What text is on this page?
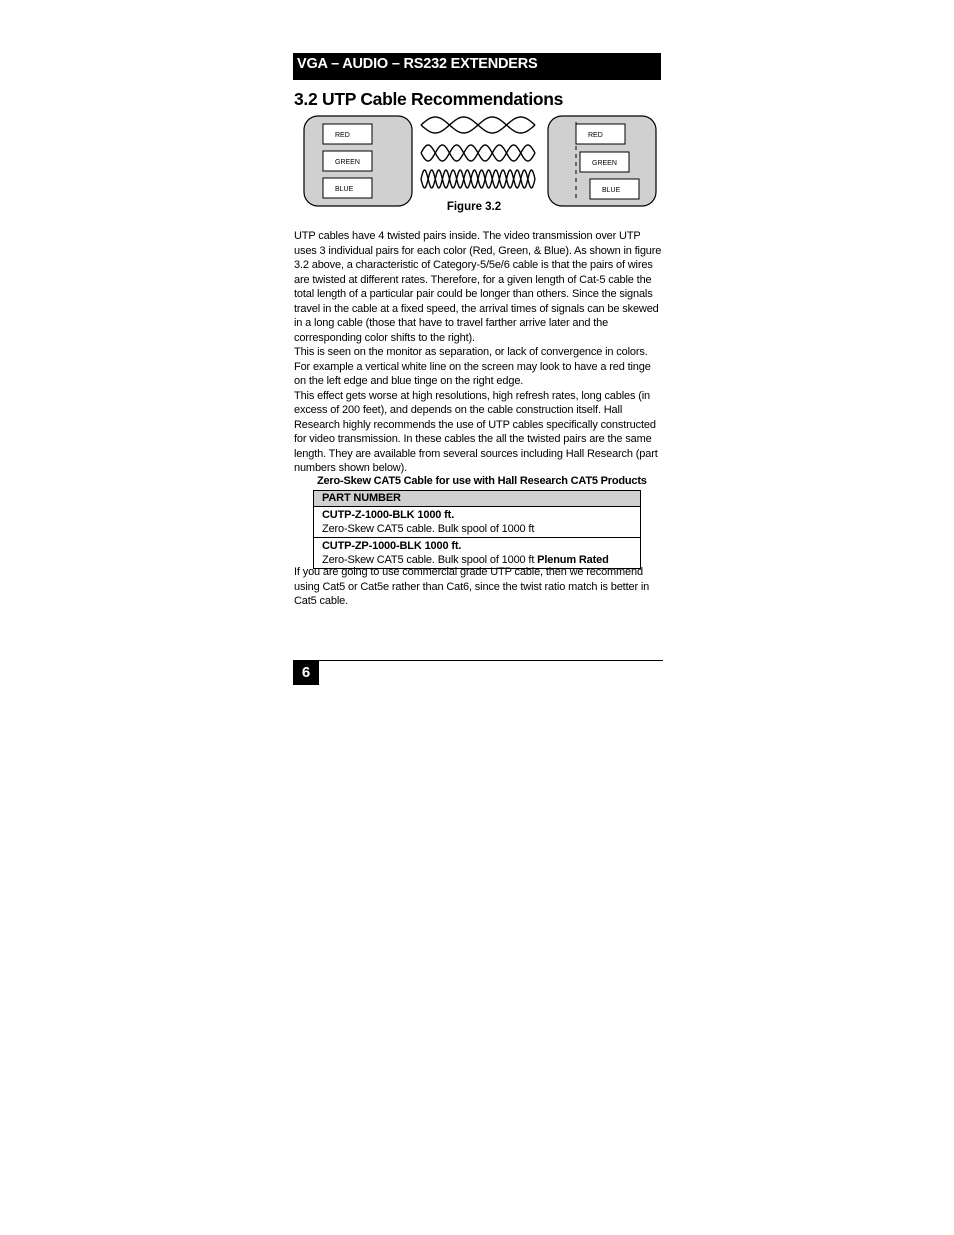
VGA – AUDIO – RS232 EXTENDERS
3.2 UTP Cable Recommendations
RED
GREEN
BLUE
RED
GREEN
BLUE
Figure 3.2

UTP cables have 4 twisted pairs inside. The video transmission over UTP uses 3 individual pairs for each color (Red, Green, & Blue). As shown in figure 3.2 above, a characteristic of Category-5/5e/6 cable is that the pairs of wires are twisted at different rates. Therefore, for a given length of Cat-5 cable the total length of a particular pair could be longer than others. Since the signals travel in the cable at a fixed speed, the arrival times of signals can be skewed in a long cable (those that have to travel farther arrive later and the corresponding color shifts to the right).

This is seen on the monitor as separation, or lack of convergence in colors. For example a vertical white line on the screen may look to have a red tinge on the left edge and blue tinge on the right edge.

This effect gets worse at high resolutions, high refresh rates, long cables (in excess of 200 feet), and depends on the cable construction itself. Hall Research highly recommends the use of UTP cables specifically constructed for video transmission. In these cables the all the twisted pairs are the same length. They are available from several sources including Hall Research (part numbers shown below).

Zero-Skew CAT5 Cable for use with Hall Research CAT5 Products
PART NUMBER

CUTP-Z-1000-BLK 1000 ft.
Zero-Skew CAT5 cable. Bulk spool of 1000 ft

CUTP-ZP-1000-BLK 1000 ft.
Zero-Skew CAT5 cable. Bulk spool of 1000 ft Plenum Rated
If you are going to use commercial grade UTP cable, then we recommend using Cat5 or Cat5e rather than Cat6, since the twist ratio match is better in Cat5 cable.
6
